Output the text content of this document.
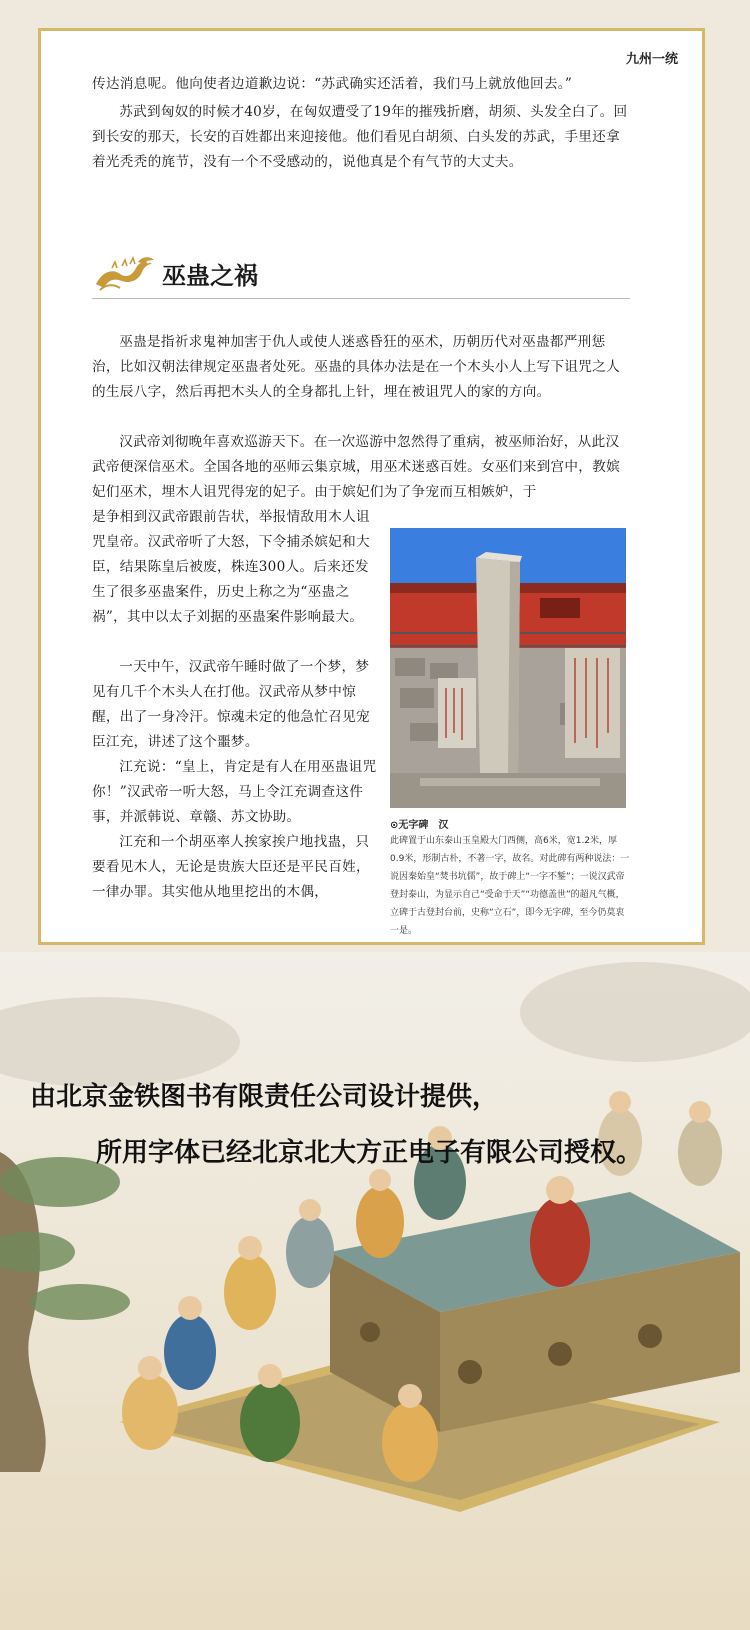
九州一统

传达消息呢。他向使者边道歉边说：“苏武确实还活着，我们马上就放他回去。”

苏武到匈奴的时候才40岁，在匈奴遭受了19年的摧残折磨，胡须、头发全白了。回到长安的那天，长安的百姓都出来迎接他。他们看见白胡须、白头发的苏武，手里还拿着光秃秃的旄节，没有一个不受感动的，说他真是个有气节的大丈夫。

巫蛊之祸

巫蛊是指祈求鬼神加害于仇人或使人迷惑昏狂的巫术，历朝历代对巫蛊都严刑惩治，比如汉朝法律规定巫蛊者处死。巫蛊的具体办法是在一个木头小人上写下诅咒之人的生辰八字，然后再把木头人的全身都扎上针，埋在被诅咒人的家的方向。

汉武帝刘彻晚年喜欢巡游天下。在一次巡游中忽然得了重病，被巫师治好，从此汉武帝便深信巫术。全国各地的巫师云集京城，用巫术迷惑百姓。女巫们来到宫中，教嫔妃们巫术，埋木人诅咒得宠的妃子。由于嫔妃们为了争宠而互相嫉妒，于

是争相到汉武帝跟前告状，举报情敌用木人诅咒皇帝。汉武帝听了大怒，下令捕杀嫔妃和大臣，结果陈皇后被废，株连300人。后来还发生了很多巫蛊案件，历史上称之为“巫蛊之祸”，其中以太子刘据的巫蛊案件影响最大。

一天中午，汉武帝午睡时做了一个梦，梦见有几千个木头人在打他。汉武帝从梦中惊醒，出了一身冷汗。惊魂未定的他急忙召见宠臣江充，讲述了这个噩梦。

江充说：“皇上，肯定是有人在用巫蛊诅咒你！”汉武帝一听大怒，马上令江充调查这件事，并派韩说、章赣、苏文协助。

江充和一个胡巫率人挨家挨户地找蛊，只要看见木人，无论是贵族大臣还是平民百姓，一律办罪。其实他从地里挖出的木偶，

⊙无字碑　汉

此碑置于山东泰山玉皇殿大门西侧，高6米，宽1.2米，厚0.9米，形制古朴，不著一字，故名。对此碑有两种说法：一说因秦始皇“焚书坑儒”，故于碑上“一字不錾”；一说汉武帝登封泰山，为显示自己“受命于天”“功德盖世”的超凡气概，立碑于古登封台前，史称“立石”，即今无字碑，至今仍莫衷一是。

由北京金铁图书有限责任公司设计提供，
所用字体已经北京北大方正电子有限公司授权。
